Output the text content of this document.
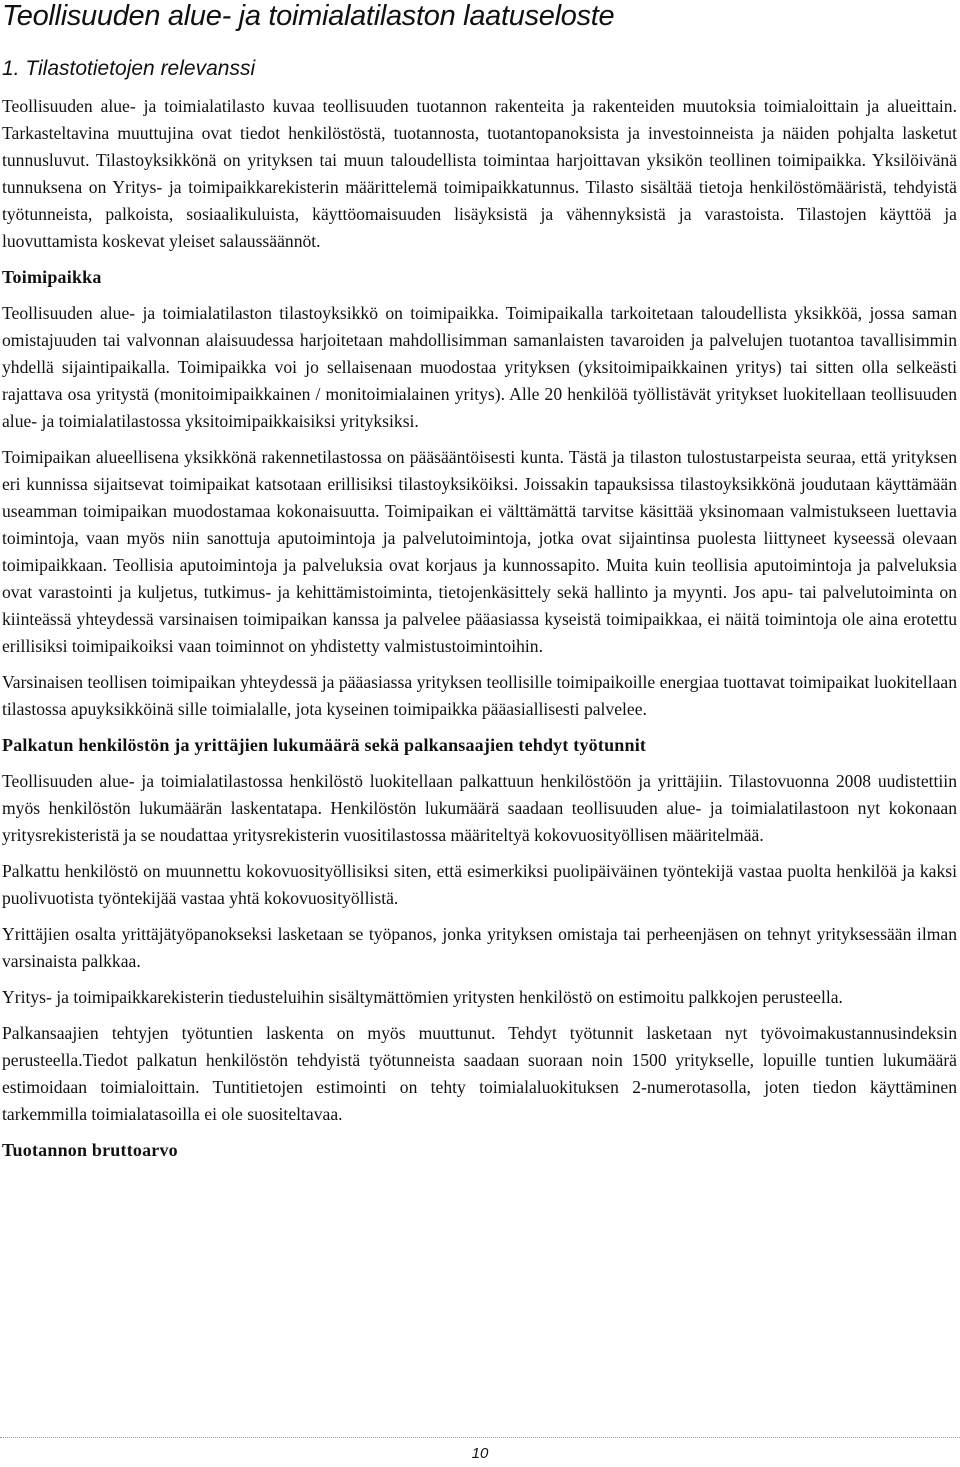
Teollisuuden alue- ja toimialatilaston laatuseloste
1. Tilastotietojen relevanssi

Teollisuuden alue- ja toimialatilasto kuvaa teollisuuden tuotannon rakenteita ja rakenteiden muutoksia toimialoittain ja alueittain. Tarkasteltavina muuttujina ovat tiedot henkilöstöstä, tuotannosta, tuotantopanoksista ja investoinneista ja näiden pohjalta lasketut tunnusluvut. Tilastoyksikkönä on yrityksen tai muun taloudellista toimintaa harjoittavan yksikön teollinen toimipaikka. Yksilöivänä tunnuksena on Yritys- ja toimipaikkarekisterin määrittelemä toimipaikkatunnus. Tilasto sisältää tietoja henkilöstömääristä, tehdyistä työtunneista, palkoista, sosiaalikuluista, käyttöomaisuuden lisäyksistä ja vähennyksistä ja varastoista. Tilastojen käyttöä ja luovuttamista koskevat yleiset salaussäännöt.

Toimipaikka

Teollisuuden alue- ja toimialatilaston tilastoyksikkö on toimipaikka. Toimipaikalla tarkoitetaan taloudellista yksikköä, jossa saman omistajuuden tai valvonnan alaisuudessa harjoitetaan mahdollisimman samanlaisten tavaroiden ja palvelujen tuotantoa tavallisimmin yhdellä sijaintipaikalla. Toimipaikka voi jo sellaisenaan muodostaa yrityksen (yksitoimipaikkainen yritys) tai sitten olla selkeästi rajattava osa yritystä (monitoimipaikkainen / monitoimialainen yritys). Alle 20 henkilöä työllistävät yritykset luokitellaan teollisuuden alue- ja toimialatilastossa yksitoimipaikkaisiksi yrityksiksi.

Toimipaikan alueellisena yksikkönä rakennetilastossa on pääsääntöisesti kunta. Tästä ja tilaston tulostustarpeista seuraa, että yrityksen eri kunnissa sijaitsevat toimipaikat katsotaan erillisiksi tilastoyksiköiksi. Joissakin tapauksissa tilastoyksikkönä joudutaan käyttämään useamman toimipaikan muodostamaa kokonaisuutta. Toimipaikan ei välttämättä tarvitse käsittää yksinomaan valmistukseen luettavia toimintoja, vaan myös niin sanottuja aputoimintoja ja palvelutoimintoja, jotka ovat sijaintinsa puolesta liittyneet kyseessä olevaan toimipaikkaan. Teollisia aputoimintoja ja palveluksia ovat korjaus ja kunnossapito. Muita kuin teollisia aputoimintoja ja palveluksia ovat varastointi ja kuljetus, tutkimus- ja kehittämistoiminta, tietojenkäsittely sekä hallinto ja myynti. Jos apu- tai palvelutoiminta on kiinteässä yhteydessä varsinaisen toimipaikan kanssa ja palvelee pääasiassa kyseistä toimipaikkaa, ei näitä toimintoja ole aina erotettu erillisiksi toimipaikoiksi vaan toiminnot on yhdistetty valmistustoimintoihin.

Varsinaisen teollisen toimipaikan yhteydessä ja pääasiassa yrityksen teollisille toimipaikoille energiaa tuottavat toimipaikat luokitellaan tilastossa apuyksikköinä sille toimialalle, jota kyseinen toimipaikka pääasiallisesti palvelee.

Palkatun henkilöstön ja yrittäjien lukumäärä sekä palkansaajien tehdyt työtunnit

Teollisuuden alue- ja toimialatilastossa henkilöstö luokitellaan palkattuun henkilöstöön ja yrittäjiin. Tilastovuonna 2008 uudistettiin myös henkilöstön lukumäärän laskentatapa. Henkilöstön lukumäärä saadaan teollisuuden alue- ja toimialatilastoon nyt kokonaan yritysrekisteristä ja se noudattaa yritysrekisterin vuositilastossa määriteltyä kokovuosityöllisen määritelmää.

Palkattu henkilöstö on muunnettu kokovuosityöllisiksi siten, että esimerkiksi puolipäiväinen työntekijä vastaa puolta henkilöä ja kaksi puolivuotista työntekijää vastaa yhtä kokovuosityöllistä.

Yrittäjien osalta yrittäjätyöpanokseksi lasketaan se työpanos, jonka yrityksen omistaja tai perheenjäsen on tehnyt yrityksessään ilman varsinaista palkkaa.

Yritys- ja toimipaikkarekisterin tiedusteluihin sisältymättömien yritysten henkilöstö on estimoitu palkkojen perusteella.

Palkansaajien tehtyjen työtuntien laskenta on myös muuttunut. Tehdyt työtunnit lasketaan nyt työvoimakustannusindeksin perusteella.Tiedot palkatun henkilöstön tehdyistä työtunneista saadaan suoraan noin 1500 yritykselle, lopuille tuntien lukumäärä estimoidaan toimialoittain. Tuntitietojen estimointi on tehty toimialaluokituksen 2-numerotasolla, joten tiedon käyttäminen tarkemmilla toimialatasoilla ei ole suositeltavaa.

Tuotannon bruttoarvo
10
